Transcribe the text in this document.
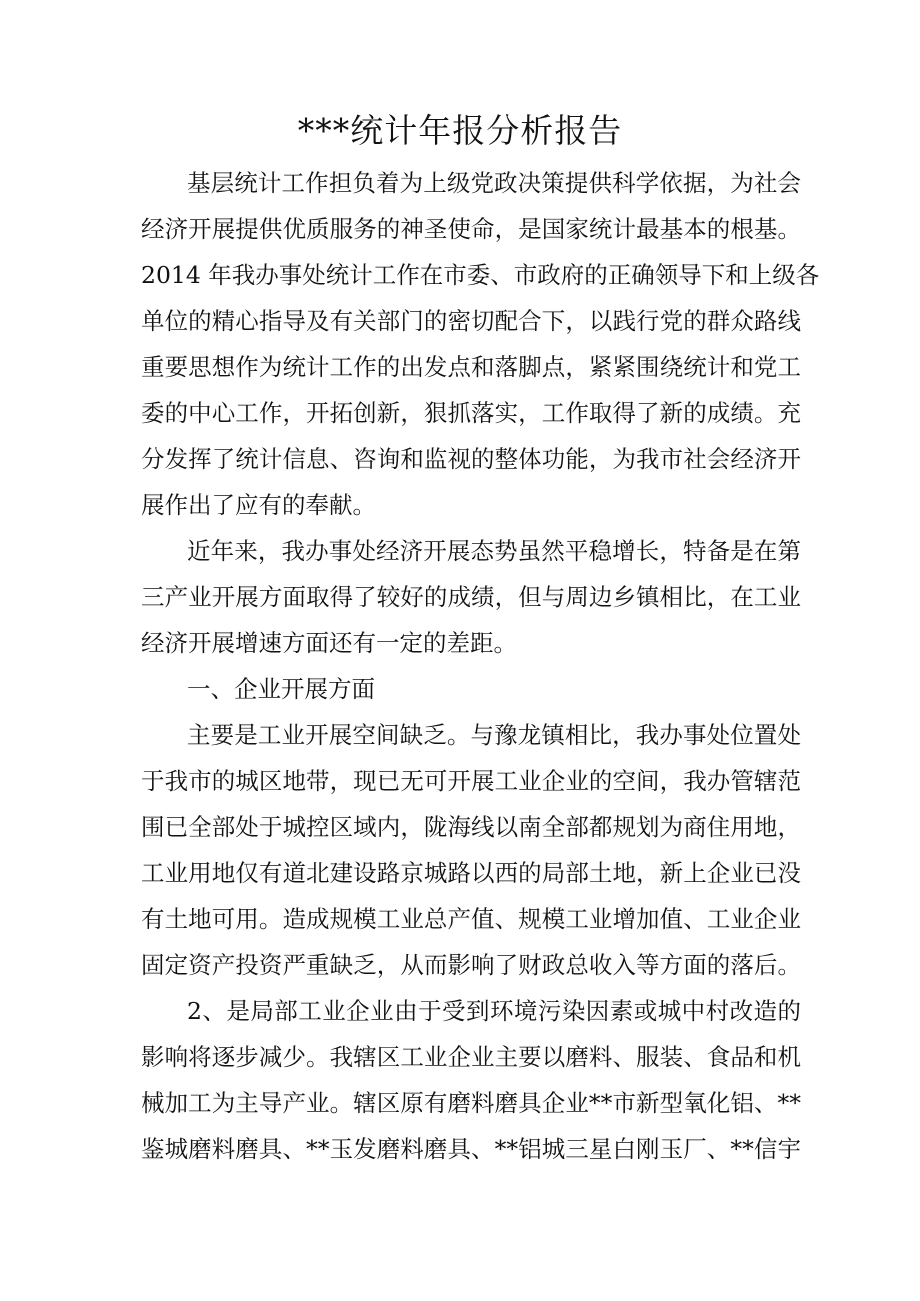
***统计年报分析报告
基层统计工作担负着为上级党政决策提供科学依据，为社会
经济开展提供优质服务的神圣使命，是国家统计最基本的根基。
2014 年我办事处统计工作在市委、市政府的正确领导下和上级各
单位的精心指导及有关部门的密切配合下，以践行党的群众路线
重要思想作为统计工作的出发点和落脚点，紧紧围绕统计和党工
委的中心工作，开拓创新，狠抓落实，工作取得了新的成绩。充
分发挥了统计信息、咨询和监视的整体功能，为我市社会经济开
展作出了应有的奉献。
近年来，我办事处经济开展态势虽然平稳增长，特备是在第
三产业开展方面取得了较好的成绩，但与周边乡镇相比，在工业
经济开展增速方面还有一定的差距。
一、企业开展方面
主要是工业开展空间缺乏。与豫龙镇相比，我办事处位置处
于我市的城区地带，现已无可开展工业企业的空间，我办管辖范
围已全部处于城控区域内，陇海线以南全部都规划为商住用地，
工业用地仅有道北建设路京城路以西的局部土地，新上企业已没
有土地可用。造成规模工业总产值、规模工业增加值、工业企业
固定资产投资严重缺乏，从而影响了财政总收入等方面的落后。
2、是局部工业企业由于受到环境污染因素或城中村改造的
影响将逐步减少。我辖区工业企业主要以磨料、服装、食品和机
械加工为主导产业。辖区原有磨料磨具企业**市新型氧化铝、**
鉴城磨料磨具、**玉发磨料磨具、**铝城三星白刚玉厂、**信宇
